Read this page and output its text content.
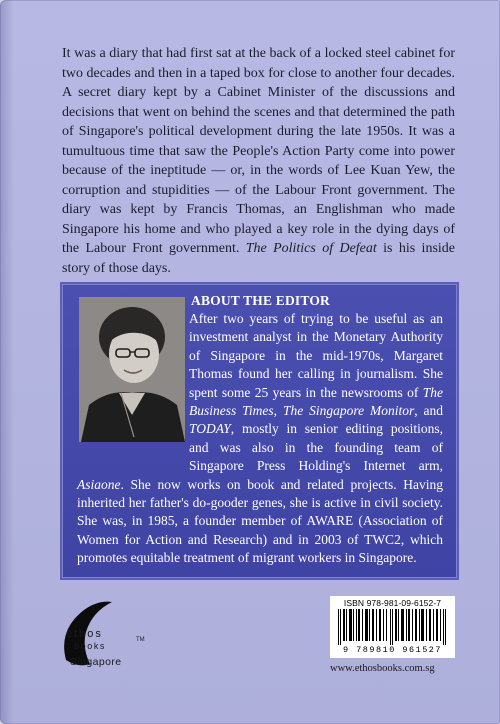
It was a diary that had first sat at the back of a locked steel cabinet for two decades and then in a taped box for close to another four decades. A secret diary kept by a Cabinet Minister of the discussions and decisions that went on behind the scenes and that determined the path of Singapore's political development during the late 1950s. It was a tumultuous time that saw the People's Action Party come into power because of the ineptitude — or, in the words of Lee Kuan Yew, the corruption and stupidities — of the Labour Front government. The diary was kept by Francis Thomas, an Englishman who made Singapore his home and who played a key role in the dying days of the Labour Front government. The Politics of Defeat is his inside story of those days.

ABOUT THE EDITOR

After two years of trying to be useful as an investment analyst in the Monetary Authority of Singapore in the mid-1970s, Margaret Thomas found her calling in journalism. She spent some 25 years in the newsrooms of The Business Times, The Singapore Monitor, and TODAY, mostly in senior editing positions, and was also in the founding team of Singapore Press Holding's Internet arm, Asiaone. She now works on book and related projects. Having inherited her father's do-gooder genes, she is active in civil society. She was, in 1985, a founder member of AWARE (Association of Women for Action and Research) and in 2003 of TWC2, which promotes equitable treatment of migrant workers in Singapore.

ethos
books
TM
Singapore
ISBN 978-981-09-6152-7
9 789810 961527
www.ethosbooks.com.sg
